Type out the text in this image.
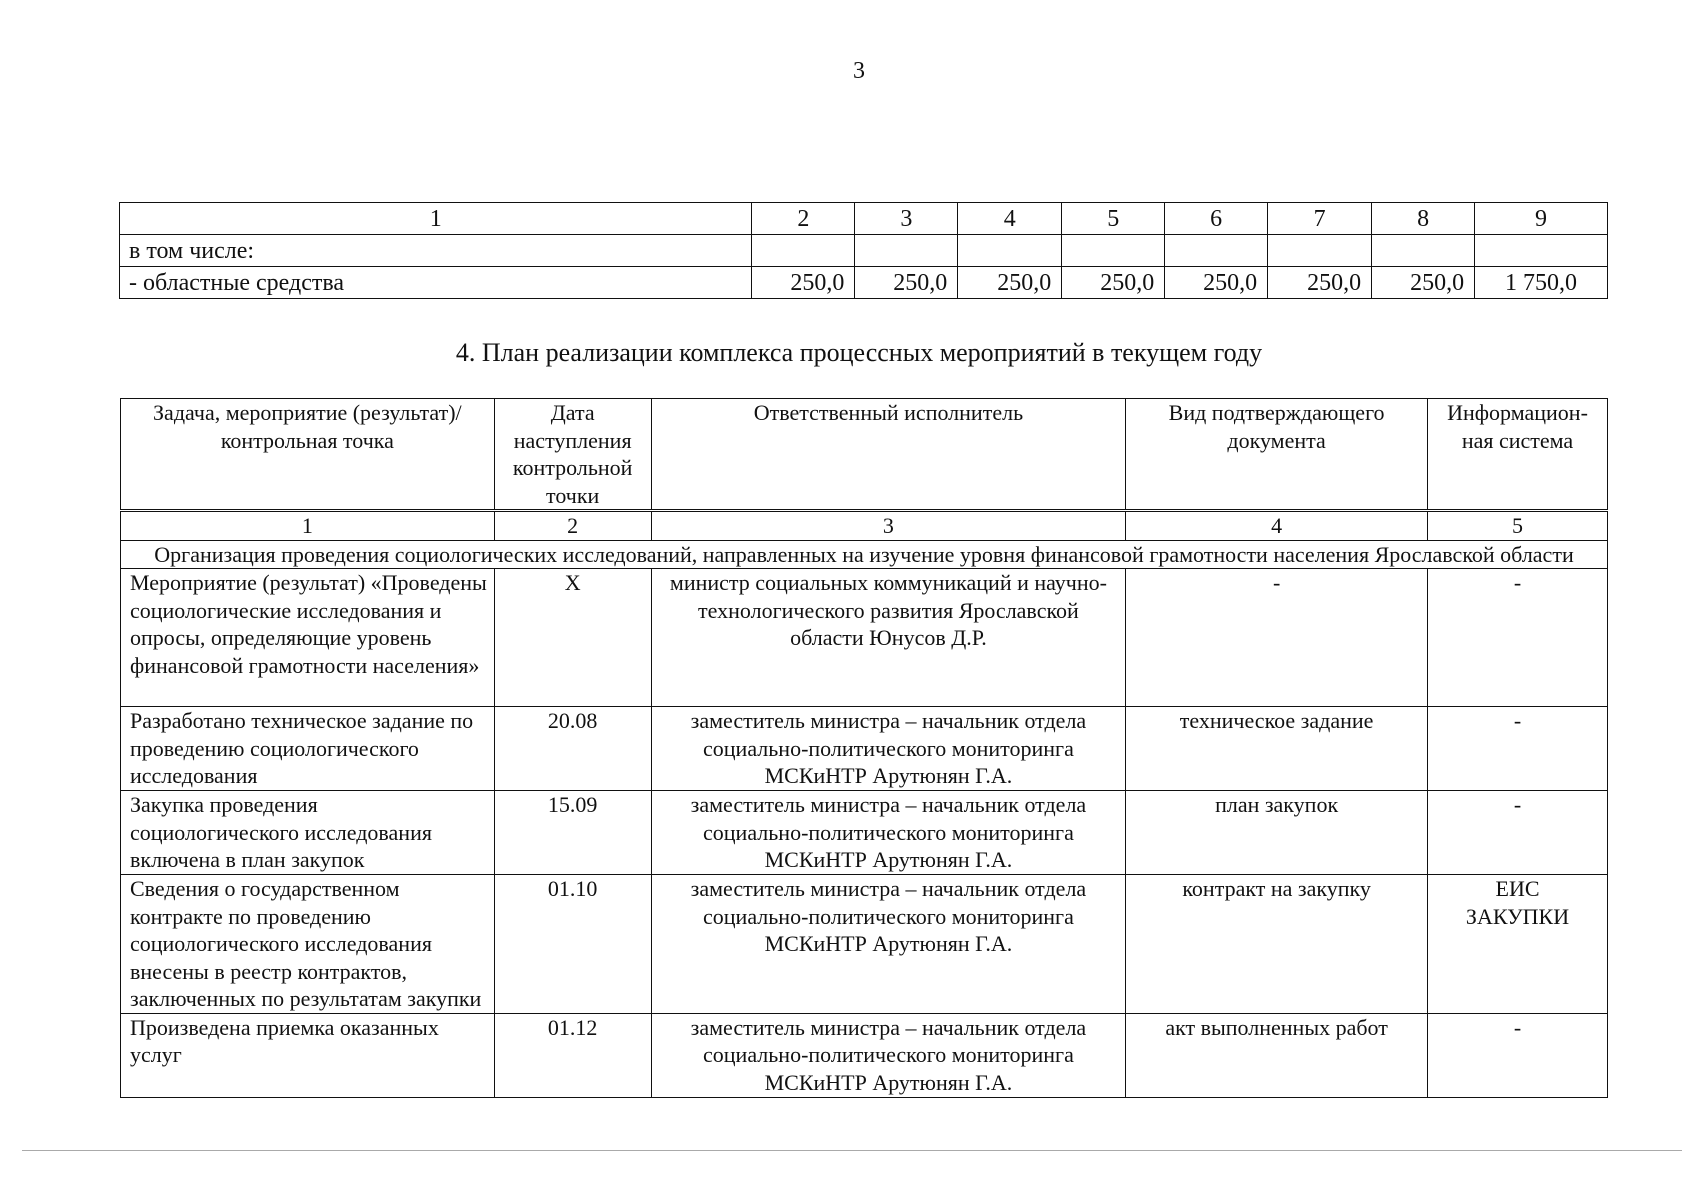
3
1	2	3	4	5	6	7	8	9
в том числе:								
- областные средства	250,0	250,0	250,0	250,0	250,0	250,0	250,0	1 750,0
4. План реализации комплекса процессных мероприятий в текущем году
Задача, мероприятие (результат)/ контрольная точка	Дата наступления контрольной точки	Ответственный исполнитель	Вид подтверждающего документа	Информацион-ная система
1	2	3	4	5
Организация проведения социологических исследований, направленных на изучение уровня финансовой грамотности населения Ярославской области				
Мероприятие (результат) «Проведены социологические исследования и опросы, определяющие уровень финансовой грамотности населения»	X	министр социальных коммуникаций и научно-технологического развития Ярославской области Юнусов Д.Р.	-	-
Разработано техническое задание по проведению социологического исследования	20.08	заместитель министра – начальник отдела социально-политического мониторинга МСКиНТР Арутюнян Г.А.	техническое задание	-
Закупка проведения социологического исследования включена в план закупок	15.09	заместитель министра – начальник отдела социально-политического мониторинга МСКиНТР Арутюнян Г.А.	план закупок	-
Сведения о государственном контракте по проведению социологического исследования внесены в реестр контрактов, заключенных по результатам закупки	01.10	заместитель министра – начальник отдела социально-политического мониторинга МСКиНТР Арутюнян Г.А.	контракт на закупку	ЕИС ЗАКУПКИ
Произведена приемка оказанных услуг	01.12	заместитель министра – начальник отдела социально-политического мониторинга МСКиНТР Арутюнян Г.А.	акт выполненных работ	-
